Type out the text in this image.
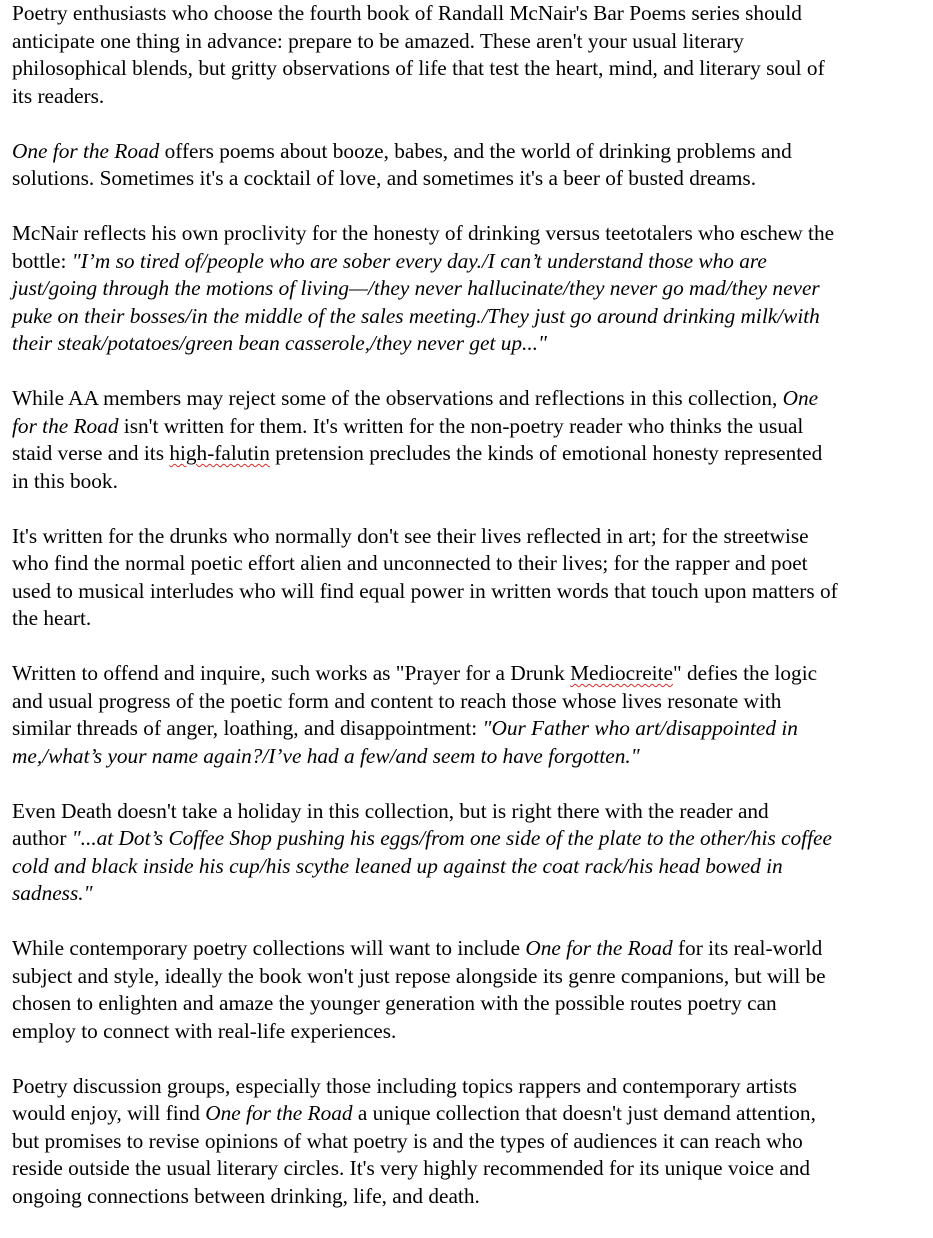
Poetry enthusiasts who choose the fourth book of Randall McNair's Bar Poems series should
anticipate one thing in advance: prepare to be amazed. These aren't your usual literary
philosophical blends, but gritty observations of life that test the heart, mind, and literary soul of
its readers.

One for the Road offers poems about booze, babes, and the world of drinking problems and
solutions. Sometimes it's a cocktail of love, and sometimes it's a beer of busted dreams.

McNair reflects his own proclivity for the honesty of drinking versus teetotalers who eschew the
bottle: "I’m so tired of/people who are sober every day./I can’t understand those who are
just/going through the motions of living—/they never hallucinate/they never go mad/they never
puke on their bosses/in the middle of the sales meeting./They just go around drinking milk/with
their steak/potatoes/green bean casserole,/they never get up..."

While AA members may reject some of the observations and reflections in this collection, One
for the Road isn't written for them. It's written for the non-poetry reader who thinks the usual
staid verse and its high-falutin pretension precludes the kinds of emotional honesty represented
in this book.

It's written for the drunks who normally don't see their lives reflected in art; for the streetwise
who find the normal poetic effort alien and unconnected to their lives; for the rapper and poet
used to musical interludes who will find equal power in written words that touch upon matters of
the heart.

Written to offend and inquire, such works as "Prayer for a Drunk Mediocreite" defies the logic
and usual progress of the poetic form and content to reach those whose lives resonate with
similar threads of anger, loathing, and disappointment: "Our Father who art/disappointed in
me,/what’s your name again?/I’ve had a few/and seem to have forgotten."

Even Death doesn't take a holiday in this collection, but is right there with the reader and
author "...at Dot’s Coffee Shop pushing his eggs/from one side of the plate to the other/his coffee
cold and black inside his cup/his scythe leaned up against the coat rack/his head bowed in
sadness."

While contemporary poetry collections will want to include One for the Road for its real-world
subject and style, ideally the book won't just repose alongside its genre companions, but will be
chosen to enlighten and amaze the younger generation with the possible routes poetry can
employ to connect with real-life experiences.

Poetry discussion groups, especially those including topics rappers and contemporary artists
would enjoy, will find One for the Road a unique collection that doesn't just demand attention,
but promises to revise opinions of what poetry is and the types of audiences it can reach who
reside outside the usual literary circles. It's very highly recommended for its unique voice and
ongoing connections between drinking, life, and death.
